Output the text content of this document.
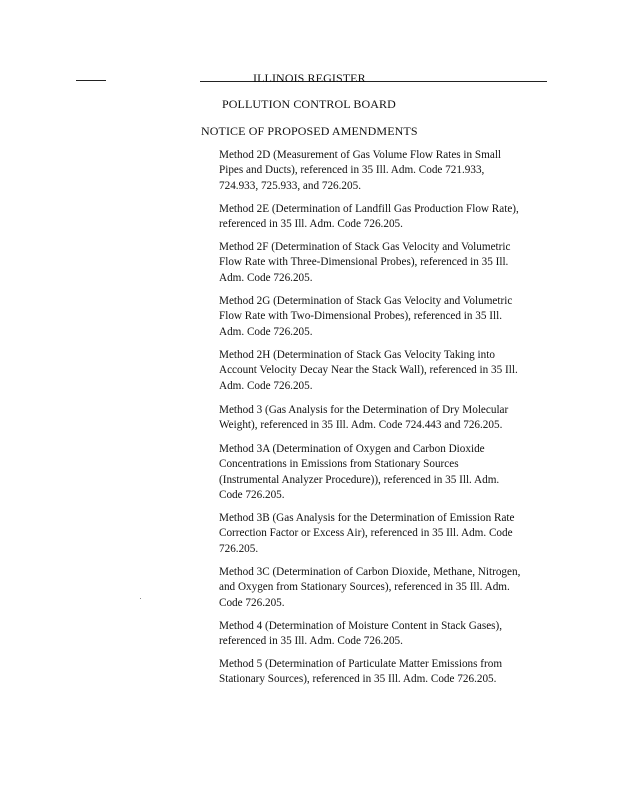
ILLINOIS REGISTER
POLLUTION CONTROL BOARD
NOTICE OF PROPOSED AMENDMENTS
Method 2D (Measurement of Gas Volume Flow Rates in Small
Pipes and Ducts), referenced in 35 Ill. Adm. Code 721.933,
724.933, 725.933, and 726.205.
Method 2E (Determination of Landfill Gas Production Flow Rate),
referenced in 35 Ill. Adm. Code 726.205.
Method 2F (Determination of Stack Gas Velocity and Volumetric
Flow Rate with Three-Dimensional Probes), referenced in 35 Ill.
Adm. Code 726.205.
Method 2G (Determination of Stack Gas Velocity and Volumetric
Flow Rate with Two-Dimensional Probes), referenced in 35 Ill.
Adm. Code 726.205.
Method 2H (Determination of Stack Gas Velocity Taking into
Account Velocity Decay Near the Stack Wall), referenced in 35 Ill.
Adm. Code 726.205.
Method 3 (Gas Analysis for the Determination of Dry Molecular
Weight), referenced in 35 Ill. Adm. Code 724.443 and 726.205.
Method 3A (Determination of Oxygen and Carbon Dioxide
Concentrations in Emissions from Stationary Sources
(Instrumental Analyzer Procedure)), referenced in 35 Ill. Adm.
Code 726.205.
Method 3B (Gas Analysis for the Determination of Emission Rate
Correction Factor or Excess Air), referenced in 35 Ill. Adm. Code
726.205.
Method 3C (Determination of Carbon Dioxide, Methane, Nitrogen,
and Oxygen from Stationary Sources), referenced in 35 Ill. Adm.
Code 726.205.
Method 4 (Determination of Moisture Content in Stack Gases),
referenced in 35 Ill. Adm. Code 726.205.
Method 5 (Determination of Particulate Matter Emissions from
Stationary Sources), referenced in 35 Ill. Adm. Code 726.205.
